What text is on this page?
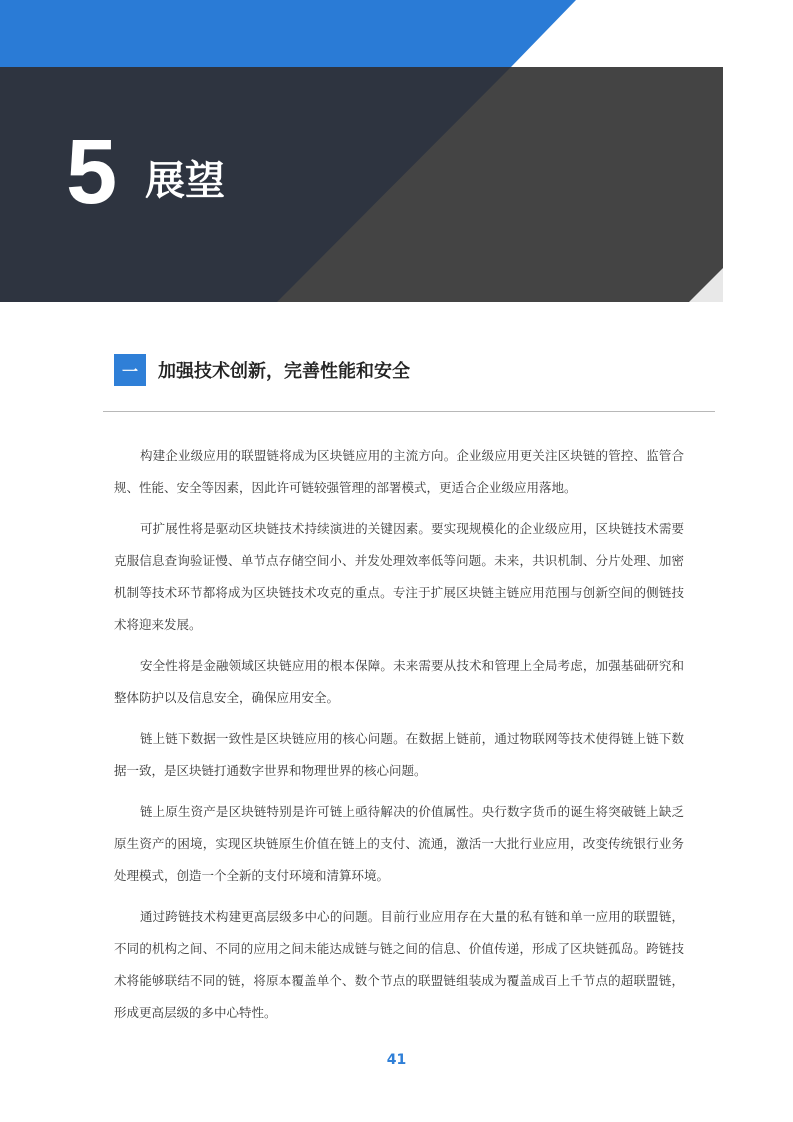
5 展望
一	加强技术创新，完善性能和安全

构建企业级应用的联盟链将成为区块链应用的主流方向。企业级应用更关注区块链的管控、监管合规、性能、安全等因素，因此许可链较强管理的部署模式，更适合企业级应用落地。

可扩展性将是驱动区块链技术持续演进的关键因素。要实现规模化的企业级应用，区块链技术需要克服信息查询验证慢、单节点存储空间小、并发处理效率低等问题。未来，共识机制、分片处理、加密机制等技术环节都将成为区块链技术攻克的重点。专注于扩展区块链主链应用范围与创新空间的侧链技术将迎来发展。

安全性将是金融领域区块链应用的根本保障。未来需要从技术和管理上全局考虑，加强基础研究和整体防护以及信息安全，确保应用安全。

链上链下数据一致性是区块链应用的核心问题。在数据上链前，通过物联网等技术使得链上链下数据一致，是区块链打通数字世界和物理世界的核心问题。

链上原生资产是区块链特别是许可链上亟待解决的价值属性。央行数字货币的诞生将突破链上缺乏原生资产的困境，实现区块链原生价值在链上的支付、流通，激活一大批行业应用，改变传统银行业务处理模式，创造一个全新的支付环境和清算环境。

通过跨链技术构建更高层级多中心的问题。目前行业应用存在大量的私有链和单一应用的联盟链，不同的机构之间、不同的应用之间未能达成链与链之间的信息、价值传递，形成了区块链孤岛。跨链技术将能够联结不同的链，将原本覆盖单个、数个节点的联盟链组装成为覆盖成百上千节点的超联盟链，形成更高层级的多中心特性。

41
